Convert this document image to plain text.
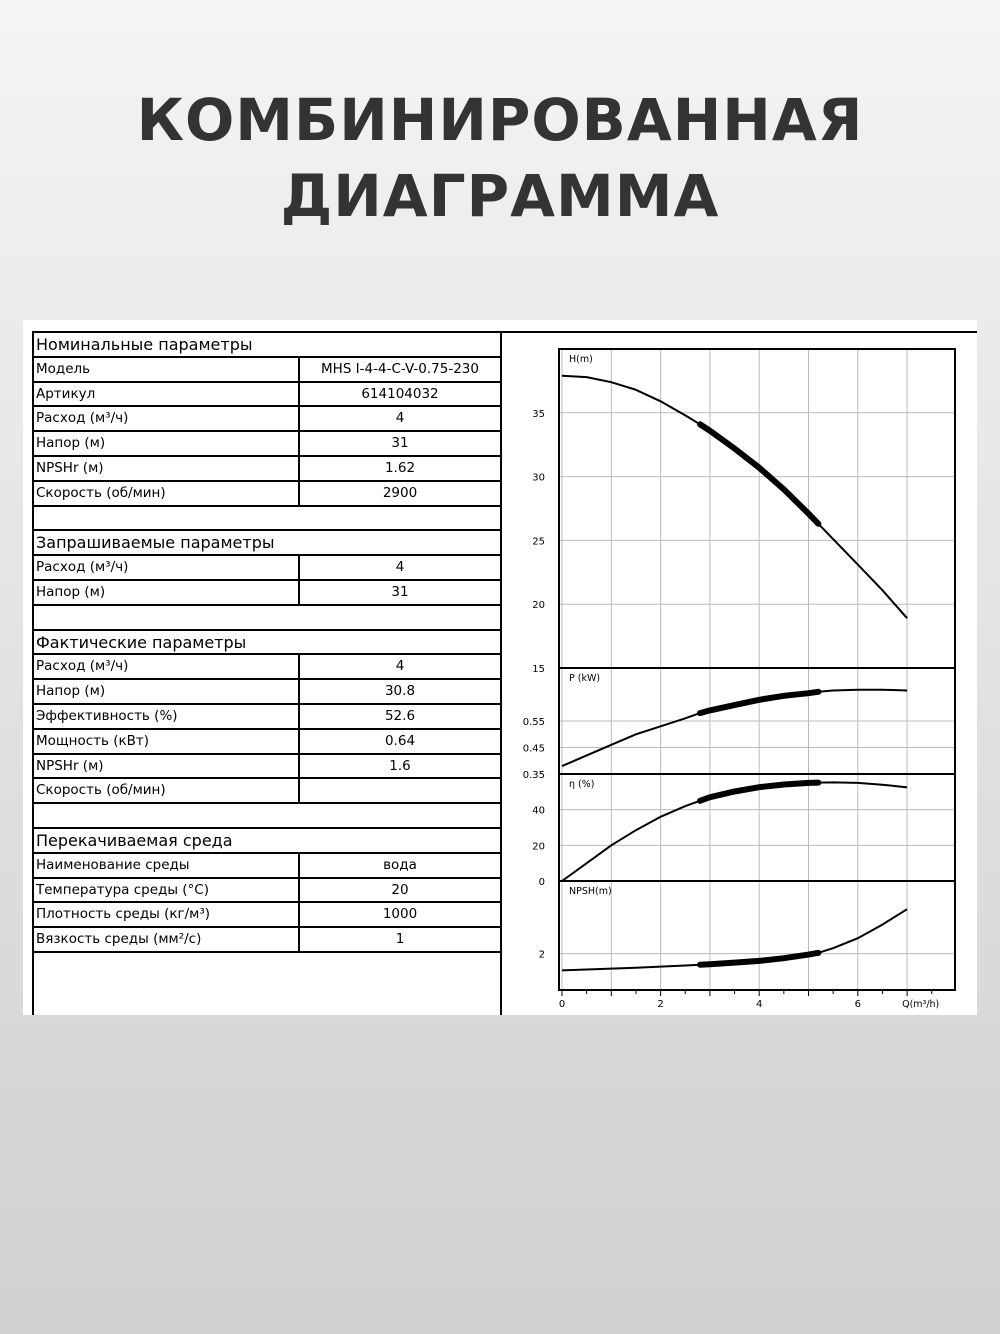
КОМБИНИРОВАННАЯ
ДИАГРАММА
Номинальные параметры
Модель	MHS I-4-4-C-V-0.75-230
Артикул	614104032
Расход (м³/ч)	4
Напор (м)	31
NPSHr (м)	1.62
Скорость (об/мин)	2900
Запрашиваемые параметры
Расход (м³/ч)	4
Напор (м)	31
Фактические параметры
Расход (м³/ч)	4
Напор (м)	30.8
Эффективность (%)	52.6
Мощность (кВт)	0.64
NPSHr (м)	1.6
Скорость (об/мин)
Перекачиваемая среда
Наименование среды	вода
Температура среды (°C)	20
Плотность среды (кг/м³)	1000
Вязкость среды (мм²/с)	1
15
20
25
30
35
H(m)
0.35
0.45
0.55
P (kW)
0
20
40
η (%)
2
NPSH(m)
0	2	4	6	Q(m³/h)
